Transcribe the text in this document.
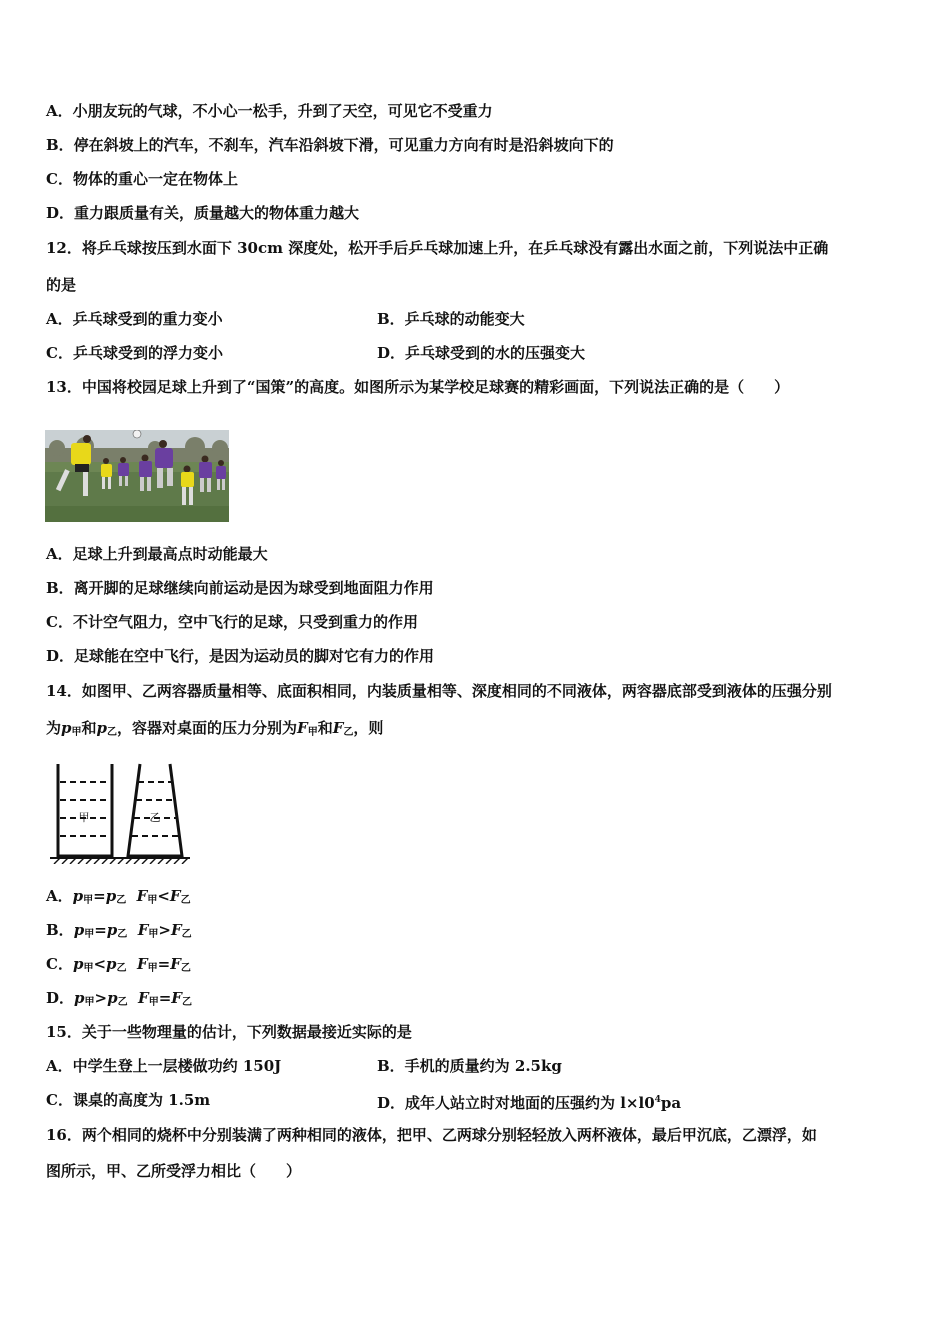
A．小朋友玩的气球，不小心一松手，升到了天空，可见它不受重力
B．停在斜坡上的汽车，不刹车，汽车沿斜坡下滑，可见重力方向有时是沿斜坡向下的
C．物体的重心一定在物体上
D．重力跟质量有关，质量越大的物体重力越大
12．将乒乓球按压到水面下 30cm 深度处，松开手后乒乓球加速上升，在乒乓球没有露出水面之前，下列说法中正确
的是
A．乒乓球受到的重力变小	B．乒乓球的动能变大
C．乒乓球受到的浮力变小	D．乒乓球受到的水的压强变大
13．中国将校园足球上升到了“国策”的高度。如图所示为某学校足球赛的精彩画面，下列说法正确的是（　　）
A．足球上升到最高点时动能最大
B．离开脚的足球继续向前运动是因为球受到地面阻力作用
C．不计空气阻力，空中飞行的足球，只受到重力的作用
D．足球能在空中飞行，是因为运动员的脚对它有力的作用
14．如图甲、乙两容器质量相等、底面积相同，内装质量相等、深度相同的不同液体，两容器底部受到液体的压强分别
为$p_甲$和$p_乙$，容器对桌面的压力分别为$F_甲$和$F_乙$，则
甲	乙
A．$p_甲=p_乙$ $F_甲<F_乙$
B．$p_甲=p_乙$ $F_甲>F_乙$
C．$p_甲<p_乙$ $F_甲=F_乙$
D．$p_甲>p_乙$ $F_甲=F_乙$
15．关于一些物理量的估计，下列数据最接近实际的是
A．中学生登上一层楼做功约 150J	B．手机的质量约为 2.5kg
C．课桌的高度为 1.5m	D．成年人站立时对地面的压强约为 $l\times l0^4pa$
16．两个相同的烧杯中分别装满了两种相同的液体，把甲、乙两球分别轻轻放入两杯液体，最后甲沉底，乙漂浮，如
图所示，甲、乙所受浮力相比（　　）
